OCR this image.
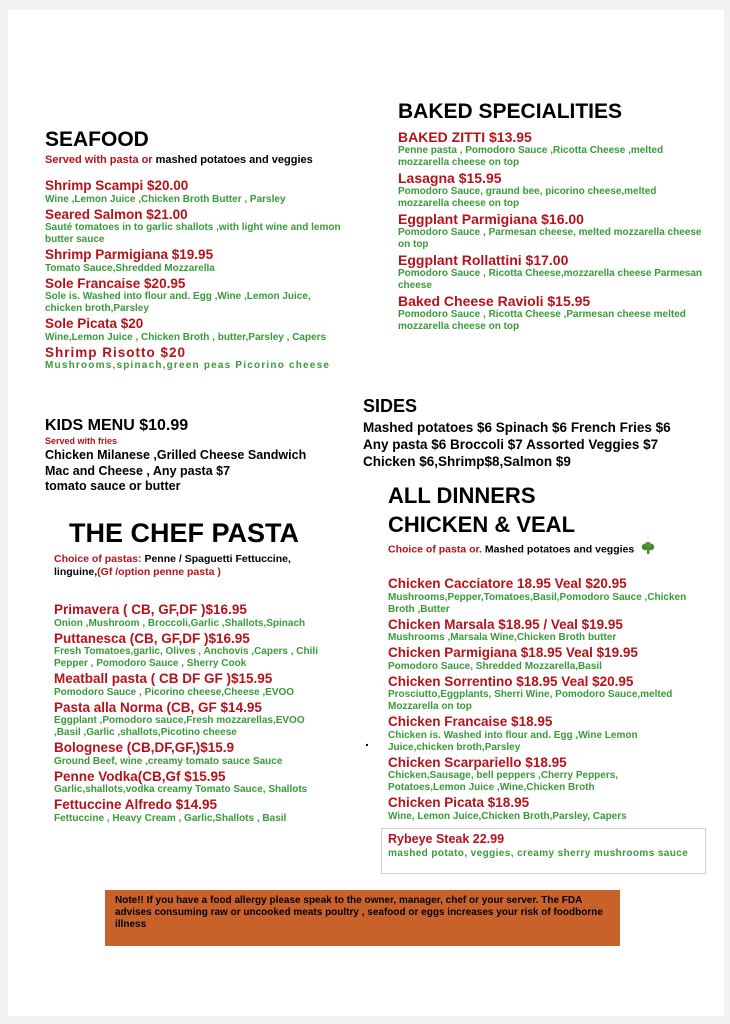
SEAFOOD
Served with pasta or mashed potatoes and veggies
Shrimp Scampi $20.00
Wine ,Lemon Juice ,Chicken Broth Butter , Parsley
Seared Salmon $21.00
Sauté tomatoes in to garlic shallots ,with light wine and lemon butter sauce
Shrimp Parmigiana $19.95
Tomato Sauce,Shredded Mozzarella
Sole Francaise $20.95
Sole is. Washed into flour and. Egg ,Wine ,Lemon Juice, chicken broth,Parsley
Sole Picata $20
Wine,Lemon Juice , Chicken Broth , butter,Parsley , Capers
Shrimp Risotto $20
Mushrooms,spinach,green peas Picorino cheese
KIDS MENU $10.99
Served with fries
Chicken Milanese ,Grilled Cheese Sandwich
Mac and Cheese , Any pasta $7
tomato sauce or butter
THE CHEF PASTA
Choice of pastas: Penne / Spaguetti Fettuccine, linguine,(Gf /option penne pasta )
Primavera ( CB, GF,DF )$16.95
Onion ,Mushroom , Broccoli,Garlic ,Shallots,Spinach
Puttanesca (CB, GF,DF )$16.95
Fresh Tomatoes,garlic, Olives , Anchovis ,Capers , Chili Pepper , Pomodoro Sauce , Sherry Cook
Meatball pasta ( CB DF GF )$15.95
Pomodoro Sauce , Picorino cheese,Cheese ,EVOO
Pasta alla Norma (CB, GF $14.95
Eggplant ,Pomodoro sauce,Fresh mozzarellas,EVOO ,Basil ,Garlic ,shallots,Picotino cheese
Bolognese (CB,DF,GF,)$15.9
Ground Beef, wine ,creamy tomato sauce Sauce
Penne Vodka(CB,Gf $15.95
Garlic,shallots,vodka creamy Tomato Sauce, Shallots
Fettuccine Alfredo $14.95
Fettuccine , Heavy Cream , Garlic,Shallots , Basil
BAKED SPECIALITIES
BAKED ZITTI $13.95
Penne pasta , Pomodoro Sauce ,Ricotta Cheese ,melted mozzarella cheese on top
Lasagna $15.95
Pomodoro Sauce, graund bee, picorino cheese,melted mozzarella cheese on top
Eggplant Parmigiana $16.00
Pomodoro Sauce , Parmesan cheese, melted mozzarella cheese on top
Eggplant Rollattini $17.00
Pomodoro Sauce , Ricotta Cheese,mozzarella cheese Parmesan cheese
Baked Cheese Ravioli $15.95
Pomodoro Sauce , Ricotta Cheese ,Parmesan cheese melted mozzarella cheese on top
SIDES
Mashed potatoes $6 Spinach $6 French Fries $6
Any pasta $6 Broccoli $7 Assorted Veggies $7
Chicken $6,Shrimp$8,Salmon $9
ALL DINNERS
CHICKEN & VEAL
Choice of pasta or. Mashed potatoes and veggies
.
Chicken Cacciatore 18.95 Veal $20.95
Mushrooms,Pepper,Tomatoes,Basil,Pomodoro Sauce ,Chicken Broth ,Butter
Chicken Marsala $18.95 / Veal $19.95
Mushrooms ,Marsala Wine,Chicken Broth butter
Chicken Parmigiana $18.95 Veal $19.95
Pomodoro Sauce, Shredded Mozzarella,Basil
Chicken Sorrentino $18.95 Veal $20.95
Prosciutto,Eggplants, Sherri Wine, Pomodoro Sauce,melted Mozzarella on top
Chicken Francaise $18.95
Chicken is. Washed into flour and. Egg ,Wine Lemon Juice,chicken broth,Parsley
Chicken Scarpariello $18.95
Chicken,Sausage, bell peppers ,Cherry Peppers, Potatoes,Lemon Juice ,Wine,Chicken Broth
Chicken Picata $18.95
Wine, Lemon Juice,Chicken Broth,Parsley, Capers
Rybeye Steak 22.99
mashed potato, veggies, creamy sherry mushrooms sauce
Note!! If you have a food allergy please speak to the owner, manager, chef or your server. The FDA advises consuming raw or uncooked meats poultry , seafood or eggs increases your risk of foodborne illness
